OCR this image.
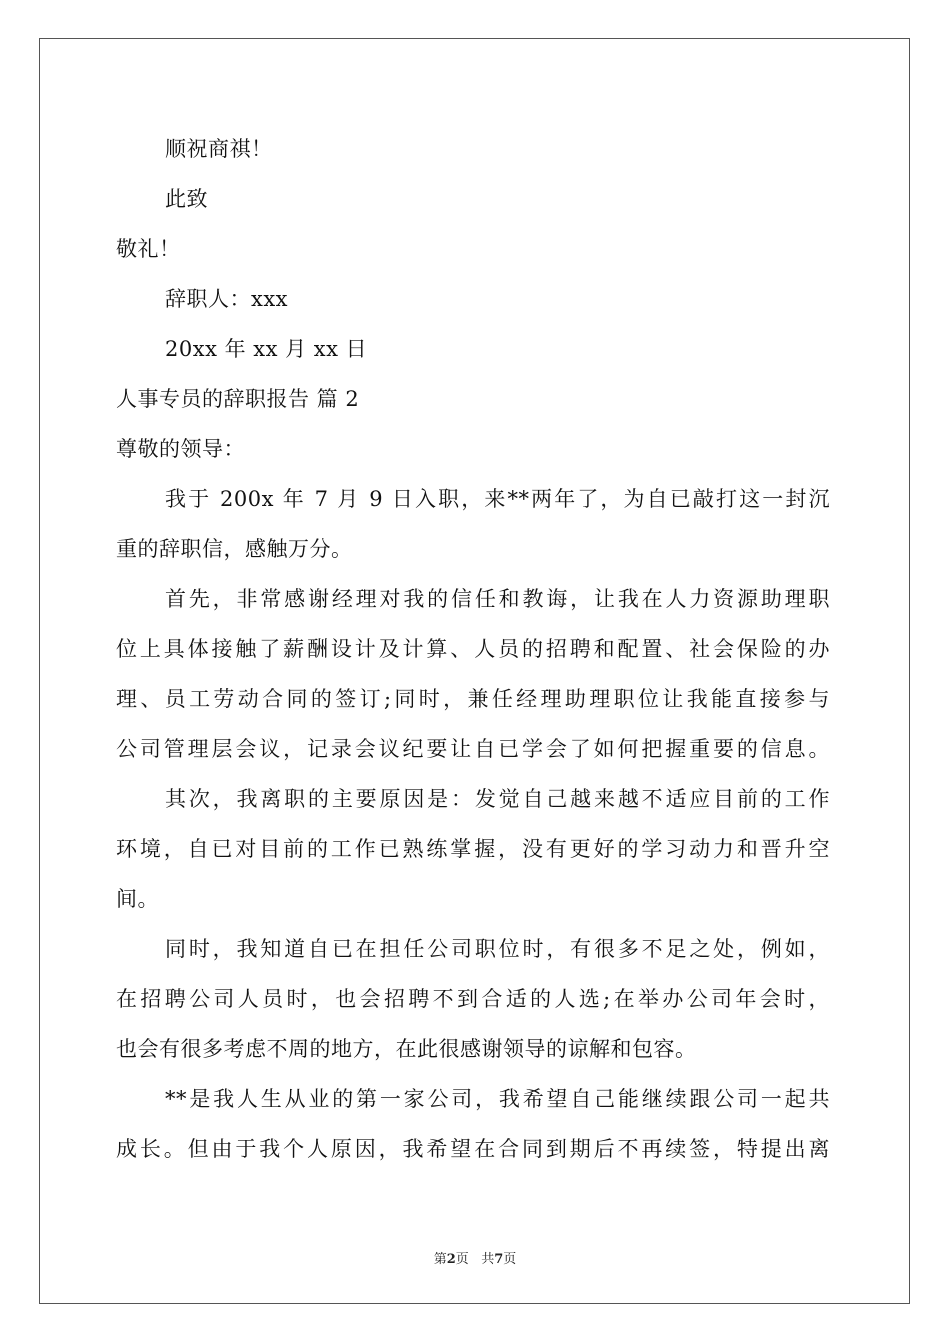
顺祝商祺！
此致
敬礼！
辞职人：xxx
20xx 年 xx 月 xx 日
人事专员的辞职报告 篇 2
尊敬的领导：
我于 200x 年 7 月 9 日入职，来**两年了，为自已敲打这一封沉
重的辞职信，感触万分。
首先，非常感谢经理对我的信任和教诲，让我在人力资源助理职
位上具体接触了薪酬设计及计算、人员的招聘和配置、社会保险的办
理、员工劳动合同的签订;同时，兼任经理助理职位让我能直接参与
公司管理层会议，记录会议纪要让自已学会了如何把握重要的信息。
其次，我离职的主要原因是：发觉自己越来越不适应目前的工作
环境，自已对目前的工作已熟练掌握，没有更好的学习动力和晋升空
间。
同时，我知道自已在担任公司职位时，有很多不足之处，例如，
在招聘公司人员时，也会招聘不到合适的人选;在举办公司年会时，
也会有很多考虑不周的地方，在此很感谢领导的谅解和包容。
**是我人生从业的第一家公司，我希望自己能继续跟公司一起共
成长。但由于我个人原因，我希望在合同到期后不再续签，特提出离
第2页 共7页
